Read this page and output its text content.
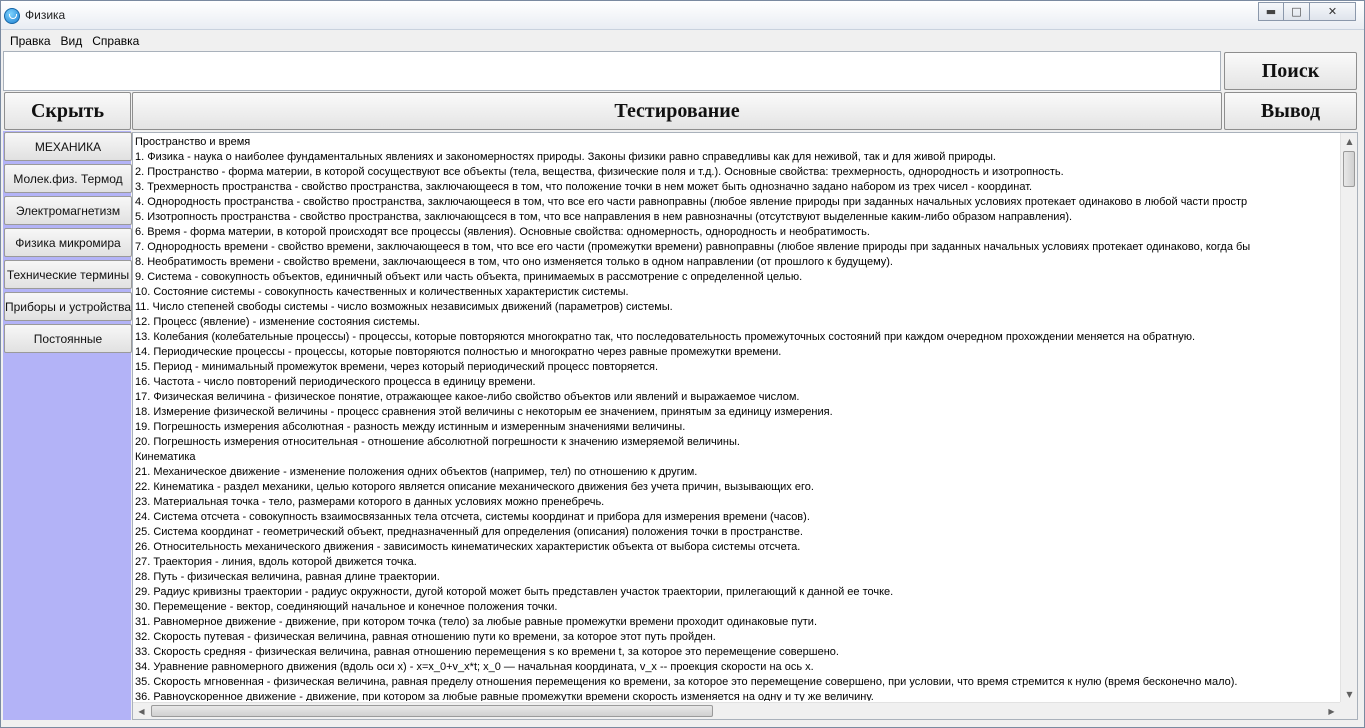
Физика	▬	□	✕
Правка Вид Справка
Поиск
Скрыть	Тестирование	Вывод
МЕХАНИКА
Молек.физ. Термод
Электромагнетизм
Физика микромира
Технические термины
Приборы и устройства
Постоянные
Пространство и время
1. Физика - наука о наиболее фундаментальных явлениях и закономерностях природы. Законы физики равно справедливы как для неживой, так и для живой природы.
2. Пространство - форма материи, в которой сосуществуют все объекты (тела, вещества, физические поля и т.д.). Основные свойства: трехмерность, однородность и изотропность.
3. Трехмерность пространства - свойство пространства, заключающееся в том, что положение точки в нем может быть однозначно задано набором из трех чисел - координат.
4. Однородность пространства - свойство пространства, заключающееся в том, что все его части равноправны (любое явление природы при заданных начальных условиях протекает одинаково в любой части простр
5. Изотропность пространства - свойство пространства, заключающсеся в том, что все направления в нем равнозначны (отсутствуют выделенные каким-либо образом направления).
6. Время - форма материи, в которой происходят все процессы (явления). Основные свойства: одномерность, однородность и необратимость.
7. Однородность времени - свойство времени, заключающееся в том, что все его части (промежутки времени) равноправны (любое явление природы при заданных начальных условиях протекает одинаково, когда бы
8. Необратимость времени - свойство времени, заключающееся в том, что оно изменяется только в одном направлении (от прошлого к будущему).
9. Система - совокупность объектов, единичный объект или часть объекта, принимаемых в рассмотрение с определенной целью.
10. Состояние системы - совокупность качественных и количественных характеристик системы.
11. Число степеней свободы системы - число возможных независимых движений (параметров) системы.
12. Процесс (явление) - изменение состояния системы.
13. Колебания (колебательные процессы) - процессы, которые повторяются многократно так, что последовательность промежуточных состояний при каждом очередном прохождении меняется на обратную.
14. Периодические процессы - процессы, которые повторяются полностью и многократно через равные промежутки времени.
15. Период - минимальный промежуток времени, через который периодический процесс повторяется.
16. Частота - число повторений периодического процесса в единицу времени.
17. Физическая величина - физическое понятие, отражающее какое-либо свойство объектов или явлений и выражаемое числом.
18. Измерение физической величины - процесс сравнения этой величины с некоторым ее значением, принятым за единицу измерения.
19. Погрешность измерения абсолютная - разность между истинным и измеренным значениями величины.
20. Погрешность измерения относительная - отношение абсолютной погрешности к значению измеряемой величины.
Кинематика
21. Механическое движение - изменение положения одних объектов (например, тел) по отношению к другим.
22. Кинематика - раздел механики, целью которого является описание механического движения без учета причин, вызывающих его.
23. Материальная точка - тело, размерами которого в данных условиях можно пренебречь.
24. Система отсчета - совокупность взаимосвязанных тела отсчета, системы координат и прибора для измерения времени (часов).
25. Система координат - геометрический объект, предназначенный для определения (описания) положения точки в пространстве.
26. Относительность механического движения - зависимость кинематических характеристик объекта от выбора системы отсчета.
27. Траектория - линия, вдоль которой движется точка.
28. Путь - физическая величина, равная длине траектории.
29. Радиус кривизны траектории - радиус окружности, дугой которой может быть представлен участок траектории, прилегающий к данной ее точке.
30. Перемещение - вектор, соединяющий начальное и конечное положения точки.
31. Равномерное движение - движение, при котором точка (тело) за любые равные промежутки времени проходит одинаковые пути.
32. Скорость путевая - физическая величина, равная отношению пути ко времени, за которое этот путь пройден.
33. Скорость средняя - физическая величина, равная отношению перемещения s ко времени t, за которое это перемещение совершено.
34. Уравнение равномерного движения (вдоль оси x) - x=x_0+v_x*t; x_0 — начальная координата, v_x -- проекция скорости на ось x.
35. Скорость мгновенная - физическая величина, равная пределу отношения перемещения ко времени, за которое это перемещение совершено, при условии, что время стремится к нулю (время бесконечно мало).
36. Равноускоренное движение - движение, при котором за любые равные промежутки времени скорость изменяется на одну и ту же величину.
▲
▼
◀	▶
